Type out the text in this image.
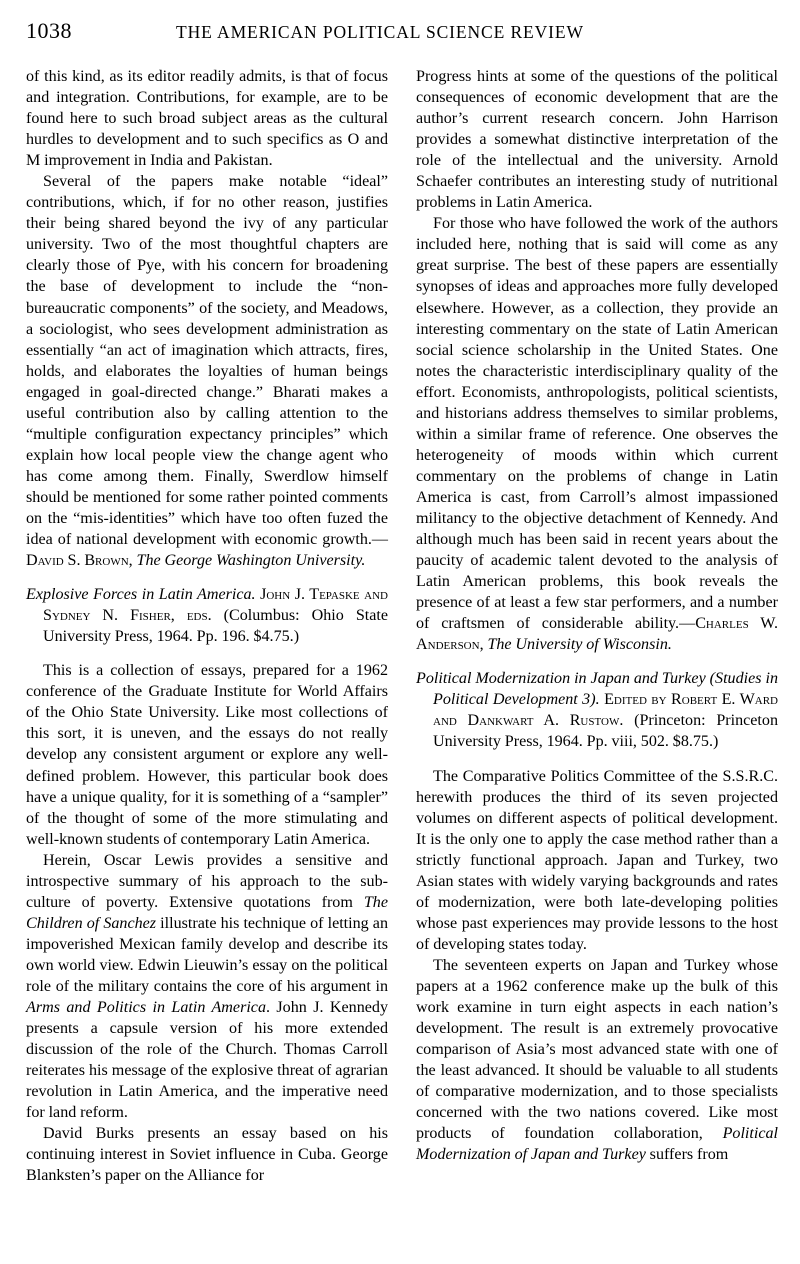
1038	THE AMERICAN POLITICAL SCIENCE REVIEW

of this kind, as its editor readily admits, is that of focus and integration. Contributions, for example, are to be found here to such broad subject areas as the cultural hurdles to development and to such specifics as O and M improvement in India and Pakistan.

Several of the papers make notable “ideal” contributions, which, if for no other reason, justifies their being shared beyond the ivy of any particular university. Two of the most thoughtful chapters are clearly those of Pye, with his concern for broadening the base of development to include the “non-bureaucratic components” of the society, and Meadows, a sociologist, who sees development administration as essentially “an act of imagination which attracts, fires, holds, and elaborates the loyalties of human beings engaged in goal-directed change.” Bharati makes a useful contribution also by calling attention to the “multiple configuration expectancy principles” which explain how local people view the change agent who has come among them. Finally, Swerdlow himself should be mentioned for some rather pointed comments on the “mis-identities” which have too often fuzed the idea of national development with economic growth.—David S. Brown, The George Washington University.

Explosive Forces in Latin America. John J. Tepaske and Sydney N. Fisher, eds. (Columbus: Ohio State University Press, 1964. Pp. 196. $4.75.)

This is a collection of essays, prepared for a 1962 conference of the Graduate Institute for World Affairs of the Ohio State University. Like most collections of this sort, it is uneven, and the essays do not really develop any consistent argument or explore any well-defined problem. However, this particular book does have a unique quality, for it is something of a “sampler” of the thought of some of the more stimulating and well-known students of contemporary Latin America.

Herein, Oscar Lewis provides a sensitive and introspective summary of his approach to the sub-culture of poverty. Extensive quotations from The Children of Sanchez illustrate his technique of letting an impoverished Mexican family develop and describe its own world view. Edwin Lieuwin’s essay on the political role of the military contains the core of his argument in Arms and Politics in Latin America. John J. Kennedy presents a capsule version of his more extended discussion of the role of the Church. Thomas Carroll reiterates his message of the explosive threat of agrarian revolution in Latin America, and the imperative need for land reform.

David Burks presents an essay based on his continuing interest in Soviet influence in Cuba. George Blanksten’s paper on the Alliance for

Progress hints at some of the questions of the political consequences of economic development that are the author’s current research concern. John Harrison provides a somewhat distinctive interpretation of the role of the intellectual and the university. Arnold Schaefer contributes an interesting study of nutritional problems in Latin America.

For those who have followed the work of the authors included here, nothing that is said will come as any great surprise. The best of these papers are essentially synopses of ideas and approaches more fully developed elsewhere. However, as a collection, they provide an interesting commentary on the state of Latin American social science scholarship in the United States. One notes the characteristic interdisciplinary quality of the effort. Economists, anthropologists, political scientists, and historians address themselves to similar problems, within a similar frame of reference. One observes the heterogeneity of moods within which current commentary on the problems of change in Latin America is cast, from Carroll’s almost impassioned militancy to the objective detachment of Kennedy. And although much has been said in recent years about the paucity of academic talent devoted to the analysis of Latin American problems, this book reveals the presence of at least a few star performers, and a number of craftsmen of considerable ability.—Charles W. Anderson, The University of Wisconsin.

Political Modernization in Japan and Turkey (Studies in Political Development 3). Edited by Robert E. Ward and Dankwart A. Rustow. (Princeton: Princeton University Press, 1964. Pp. viii, 502. $8.75.)

The Comparative Politics Committee of the S.S.R.C. herewith produces the third of its seven projected volumes on different aspects of political development. It is the only one to apply the case method rather than a strictly functional approach. Japan and Turkey, two Asian states with widely varying backgrounds and rates of modernization, were both late-developing polities whose past experiences may provide lessons to the host of developing states today.

The seventeen experts on Japan and Turkey whose papers at a 1962 conference make up the bulk of this work examine in turn eight aspects in each nation’s development. The result is an extremely provocative comparison of Asia’s most advanced state with one of the least advanced. It should be valuable to all students of comparative modernization, and to those specialists concerned with the two nations covered. Like most products of foundation collaboration, Political Modernization of Japan and Turkey suffers from
